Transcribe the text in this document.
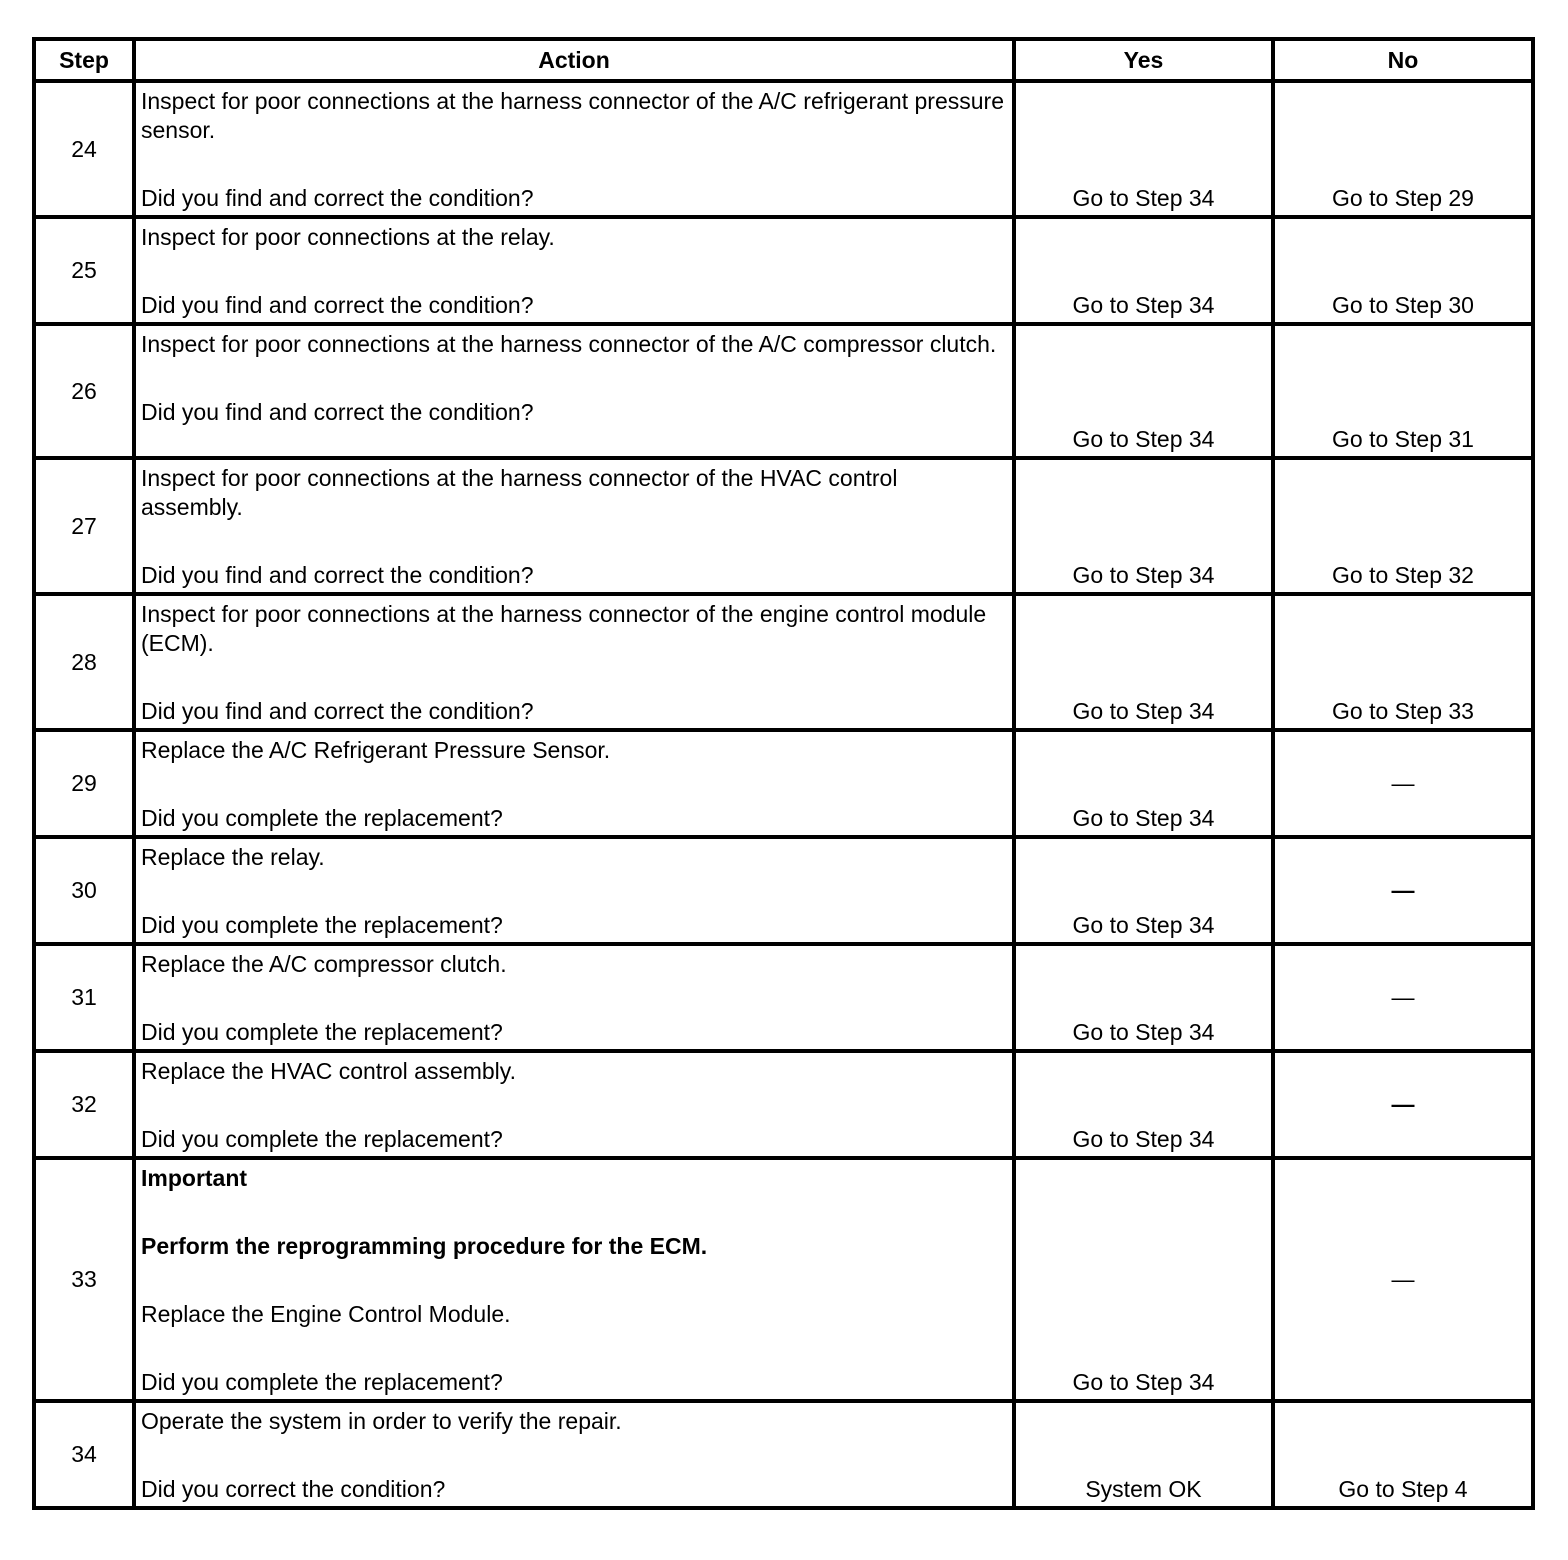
Step	Action	Yes	No
24	Inspect for poor connections at the harness connector of the A/C refrigerant pressure sensor.

Did you find and correct the condition?	Go to Step 34	Go to Step 29
25	Inspect for poor connections at the relay.

Did you find and correct the condition?	Go to Step 34	Go to Step 30
26	Inspect for poor connections at the harness connector of the A/C compressor clutch.

Did you find and correct the condition?	Go to Step 34	Go to Step 31
27	Inspect for poor connections at the harness connector of the HVAC control assembly.

Did you find and correct the condition?	Go to Step 34	Go to Step 32
28	Inspect for poor connections at the harness connector of the engine control module (ECM).

Did you find and correct the condition?	Go to Step 34	Go to Step 33
29	Replace the A/C Refrigerant Pressure Sensor.

Did you complete the replacement?	Go to Step 34	—
30	Replace the relay.

Did you complete the replacement?	Go to Step 34	—
31	Replace the A/C compressor clutch.

Did you complete the replacement?	Go to Step 34	—
32	Replace the HVAC control assembly.

Did you complete the replacement?	Go to Step 34	—
33	Important

Perform the reprogramming procedure for the ECM.

Replace the Engine Control Module.

Did you complete the replacement?	Go to Step 34	—
34	Operate the system in order to verify the repair.

Did you correct the condition?	System OK	Go to Step 4
